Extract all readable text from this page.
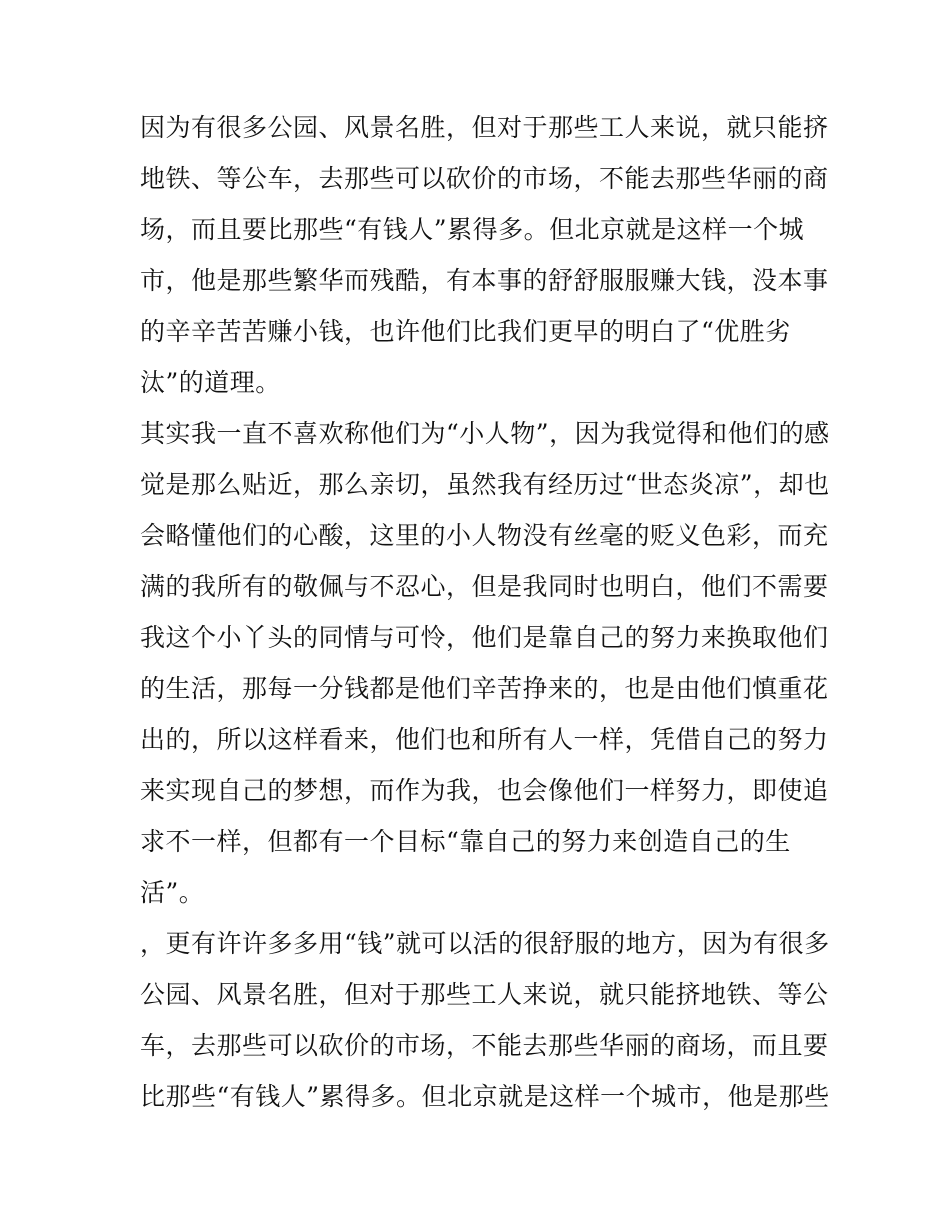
因为有很多公园、风景名胜，但对于那些工人来说，就只能挤
地铁、等公车，去那些可以砍价的市场，不能去那些华丽的商
场，而且要比那些“有钱人”累得多。但北京就是这样一个城
市，他是那些繁华而残酷，有本事的舒舒服服赚大钱，没本事
的辛辛苦苦赚小钱，也许他们比我们更早的明白了“优胜劣
汰”的道理。
其实我一直不喜欢称他们为“小人物”，因为我觉得和他们的感
觉是那么贴近，那么亲切，虽然我有经历过“世态炎凉”，却也
会略懂他们的心酸，这里的小人物没有丝毫的贬义色彩，而充
满的我所有的敬佩与不忍心，但是我同时也明白，他们不需要
我这个小丫头的同情与可怜，他们是靠自己的努力来换取他们
的生活，那每一分钱都是他们辛苦挣来的，也是由他们慎重花
出的，所以这样看来，他们也和所有人一样，凭借自己的努力
来实现自己的梦想，而作为我，也会像他们一样努力，即使追
求不一样，但都有一个目标“靠自己的努力来创造自己的生
活”。
，更有许许多多用“钱”就可以活的很舒服的地方，因为有很多
公园、风景名胜，但对于那些工人来说，就只能挤地铁、等公
车，去那些可以砍价的市场，不能去那些华丽的商场，而且要
比那些“有钱人”累得多。但北京就是这样一个城市，他是那些
